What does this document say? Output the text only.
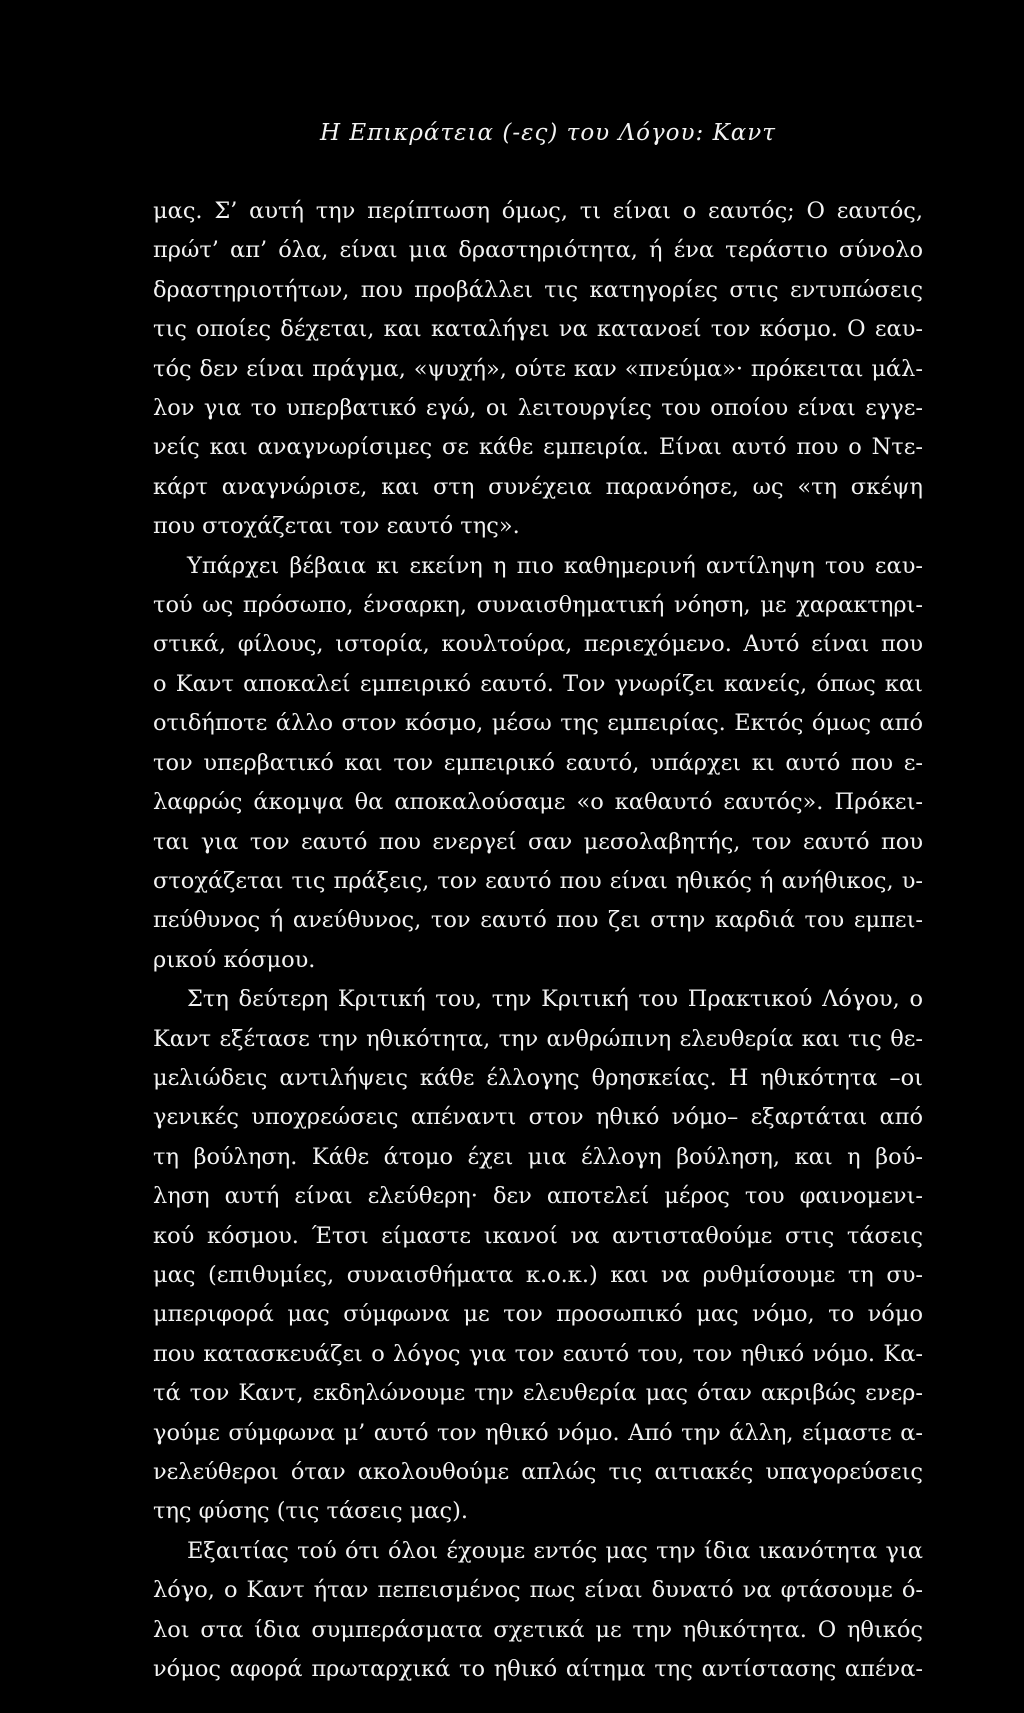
Η Επικράτεια (-ες) του Λόγου: Καντ
μας. Σ’ αυτή την περίπτωση όμως, τι είναι ο εαυτός; Ο εαυτός,
πρώτ’ απ’ όλα, είναι μια δραστηριότητα, ή ένα τεράστιο σύνολο
δραστηριοτήτων, που προβάλλει τις κατηγορίες στις εντυπώσεις
τις οποίες δέχεται, και καταλήγει να κατανοεί τον κόσμο. Ο εαυ-
τός δεν είναι πράγμα, «ψυχή», ούτε καν «πνεύμα»· πρόκειται μάλ-
λον για το υπερβατικό εγώ, οι λειτουργίες του οποίου είναι εγγε-
νείς και αναγνωρίσιμες σε κάθε εμπειρία. Είναι αυτό που ο Ντε-
κάρτ αναγνώρισε, και στη συνέχεια παρανόησε, ως «τη σκέψη
που στοχάζεται τον εαυτό της».
Υπάρχει βέβαια κι εκείνη η πιο καθημερινή αντίληψη του εαυ-
τού ως πρόσωπο, ένσαρκη, συναισθηματική νόηση, με χαρακτηρι-
στικά, φίλους, ιστορία, κουλτούρα, περιεχόμενο. Αυτό είναι που
ο Καντ αποκαλεί εμπειρικό εαυτό. Τον γνωρίζει κανείς, όπως και
οτιδήποτε άλλο στον κόσμο, μέσω της εμπειρίας. Εκτός όμως από
τον υπερβατικό και τον εμπειρικό εαυτό, υπάρχει κι αυτό που ε-
λαφρώς άκομψα θα αποκαλούσαμε «ο καθαυτό εαυτός». Πρόκει-
ται για τον εαυτό που ενεργεί σαν μεσολαβητής, τον εαυτό που
στοχάζεται τις πράξεις, τον εαυτό που είναι ηθικός ή ανήθικος, υ-
πεύθυνος ή ανεύθυνος, τον εαυτό που ζει στην καρδιά του εμπει-
ρικού κόσμου.
Στη δεύτερη Κριτική του, την Κριτική του Πρακτικού Λόγου, ο
Καντ εξέτασε την ηθικότητα, την ανθρώπινη ελευθερία και τις θε-
μελιώδεις αντιλήψεις κάθε έλλογης θρησκείας. Η ηθικότητα –οι
γενικές υποχρεώσεις απέναντι στον ηθικό νόμο– εξαρτάται από
τη βούληση. Κάθε άτομο έχει μια έλλογη βούληση, και η βού-
ληση αυτή είναι ελεύθερη· δεν αποτελεί μέρος του φαινομενι-
κού κόσμου. Έτσι είμαστε ικανοί να αντισταθούμε στις τάσεις
μας (επιθυμίες, συναισθήματα κ.ο.κ.) και να ρυθμίσουμε τη συ-
μπεριφορά μας σύμφωνα με τον προσωπικό μας νόμο, το νόμο
που κατασκευάζει ο λόγος για τον εαυτό του, τον ηθικό νόμο. Κα-
τά τον Καντ, εκδηλώνουμε την ελευθερία μας όταν ακριβώς ενερ-
γούμε σύμφωνα μ’ αυτό τον ηθικό νόμο. Από την άλλη, είμαστε α-
νελεύθεροι όταν ακολουθούμε απλώς τις αιτιακές υπαγορεύσεις
της φύσης (τις τάσεις μας).
Εξαιτίας τού ότι όλοι έχουμε εντός μας την ίδια ικανότητα για
λόγο, ο Καντ ήταν πεπεισμένος πως είναι δυνατό να φτάσουμε ό-
λοι στα ίδια συμπεράσματα σχετικά με την ηθικότητα. Ο ηθικός
νόμος αφορά πρωταρχικά το ηθικό αίτημα της αντίστασης απένα-
